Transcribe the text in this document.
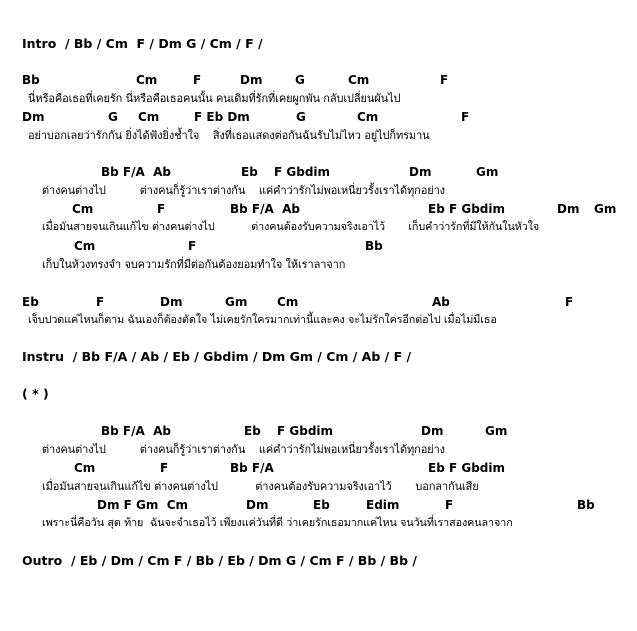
Intro  / Bb / Cm  F / Dm G / Cm / F /

Bb

	Cm

	F

	Dm

	G

	Cm

	F

นี่หรือคือเธอที่เคยรัก นี่หรือคือเธอคนนั้น คนเดิมที่รักที่เคยผูกพัน กลับเปลี่ยนผันไป

Dm

	G

Cm

	F Eb Dm

	G

	Cm

	F

อย่าบอกเลยว่ารักกัน ยิ่งได้ฟังยิ่งช้ำใจ    สิ่งที่เธอแสดงต่อกันฉันรับไม่ไหว อยู่ไปก็ทรมาน

Bb F/A  Ab

	Eb

F Gbdim

	Dm

	Gm

ต่างคนต่างไป          ต่างคนก็รู้ว่าเราต่างกัน    แค่คำว่ารักไม่พอเหนี่ยวรั้งเราได้ทุกอย่าง

Cm

	F

	Bb F/A  Ab

	Eb F Gbdim

	Dm

Gm

เมื่อมันสายจนเกินแก้ไข ต่างคนต่างไป           ต่างคนต้องรับความจริงเอาไว้       เก็บคำว่ารักที่มีให้กันในหัวใจ

Cm

	F

	Bb

เก็บในห้วงทรงจำ จบความรักที่มีต่อกันต้องยอมทำใจ ให้เราลาจาก

Eb

	F

	Dm

	Gm

Cm

	Ab

	F

เจ็บปวดแค่ไหนก็ตาม ฉันเองก็ต้องตัดใจ ไม่เคยรักใครมากเท่านี้และคง จะไม่รักใครอีกต่อไป เมื่อไม่มีเธอ
Instru  / Bb F/A / Ab / Eb / Gbdim / Dm Gm / Cm / Ab / F /
( * )

Bb F/A  Ab

	Eb

F Gbdim

	Dm

	Gm

ต่างคนต่างไป          ต่างคนก็รู้ว่าเราต่างกัน    แค่คำว่ารักไม่พอเหนี่ยวรั้งเราได้ทุกอย่าง

Cm

	F

	Bb F/A

	Eb F Gbdim

เมื่อมันสายจนเกินแก้ไข ต่างคนต่างไป           ต่างคนต้องรับความจริงเอาไว้       บอกลากันเสีย

Dm F Gm  Cm

	Dm

	Eb

	Edim

	F

	Bb

เพราะนี่คือวัน สุด ท้าย  ฉันจะจำเธอไว้ เพียงแค่วันที่ดี ว่าเคยรักเธอมากแค่ไหน จนวันที่เราสองคนลาจาก
Outro  / Eb / Dm / Cm F / Bb / Eb / Dm G / Cm F / Bb / Bb /
